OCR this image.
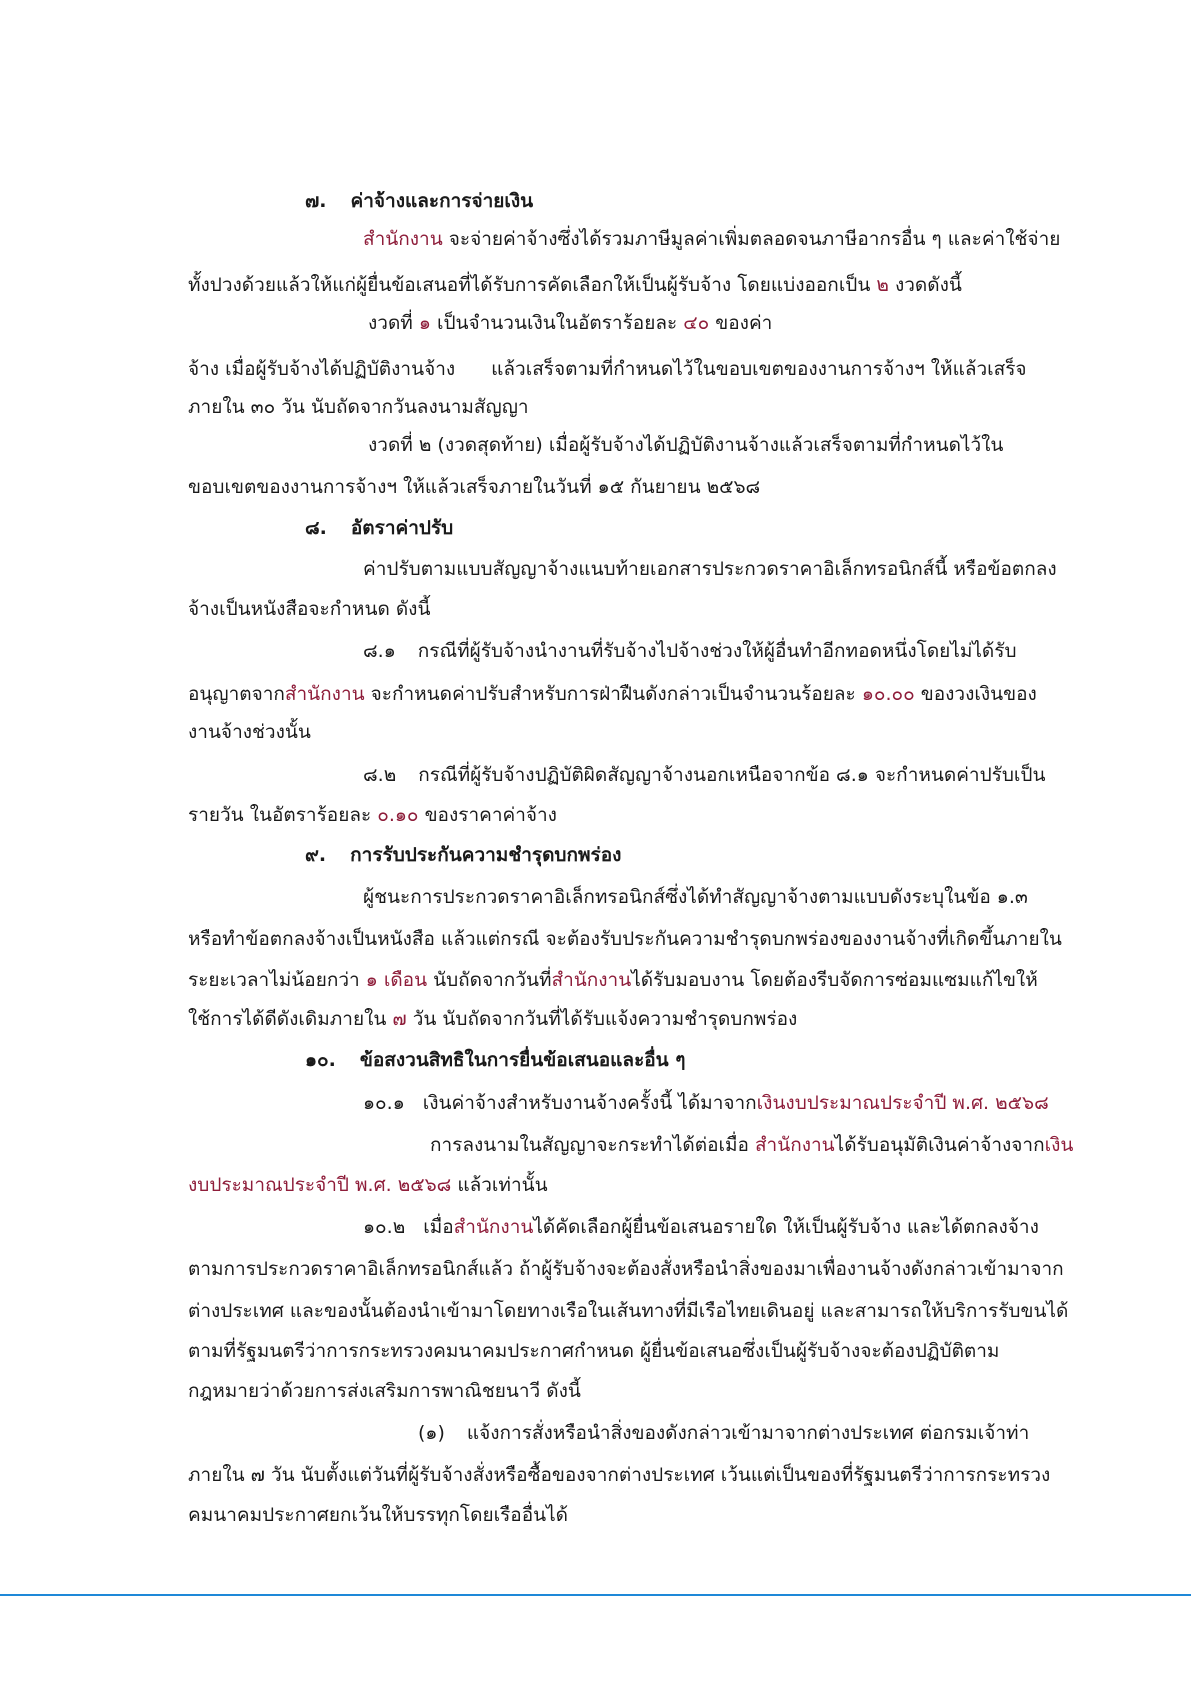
๗. ค่าจ้างและการจ่ายเงิน
สำนักงาน จะจ่ายค่าจ้างซึ่งได้รวมภาษีมูลค่าเพิ่มตลอดจนภาษีอากรอื่น ๆ และค่าใช้จ่าย
ทั้งปวงด้วยแล้วให้แก่ผู้ยื่นข้อเสนอที่ได้รับการคัดเลือกให้เป็นผู้รับจ้าง โดยแบ่งออกเป็น ๒ งวดดังนี้
งวดที่ ๑ เป็นจำนวนเงินในอัตราร้อยละ ๔๐ ของค่า
จ้าง เมื่อผู้รับจ้างได้ปฏิบัติงานจ้าง แล้วเสร็จตามที่กำหนดไว้ในขอบเขตของงานการจ้างฯ ให้แล้วเสร็จ
ภายใน ๓๐ วัน นับถัดจากวันลงนามสัญญา
งวดที่ ๒ (งวดสุดท้าย) เมื่อผู้รับจ้างได้ปฏิบัติงานจ้างแล้วเสร็จตามที่กำหนดไว้ใน
ขอบเขตของงานการจ้างฯ ให้แล้วเสร็จภายในวันที่ ๑๕ กันยายน ๒๕๖๘
๘. อัตราค่าปรับ
ค่าปรับตามแบบสัญญาจ้างแนบท้ายเอกสารประกวดราคาอิเล็กทรอนิกส์นี้ หรือข้อตกลง
จ้างเป็นหนังสือจะกำหนด ดังนี้
๘.๑ กรณีที่ผู้รับจ้างนำงานที่รับจ้างไปจ้างช่วงให้ผู้อื่นทำอีกทอดหนึ่งโดยไม่ได้รับ
อนุญาตจากสำนักงาน จะกำหนดค่าปรับสำหรับการฝ่าฝืนดังกล่าวเป็นจำนวนร้อยละ ๑๐.๐๐ ของวงเงินของ
งานจ้างช่วงนั้น
๘.๒ กรณีที่ผู้รับจ้างปฏิบัติผิดสัญญาจ้างนอกเหนือจากข้อ ๘.๑ จะกำหนดค่าปรับเป็น
รายวัน ในอัตราร้อยละ ๐.๑๐ ของราคาค่าจ้าง
๙. การรับประกันความชำรุดบกพร่อง
ผู้ชนะการประกวดราคาอิเล็กทรอนิกส์ซึ่งได้ทำสัญญาจ้างตามแบบดังระบุในข้อ ๑.๓
หรือทำข้อตกลงจ้างเป็นหนังสือ แล้วแต่กรณี จะต้องรับประกันความชำรุดบกพร่องของงานจ้างที่เกิดขึ้นภายใน
ระยะเวลาไม่น้อยกว่า ๑ เดือน นับถัดจากวันที่สำนักงานได้รับมอบงาน โดยต้องรีบจัดการซ่อมแซมแก้ไขให้
ใช้การได้ดีดังเดิมภายใน ๗ วัน นับถัดจากวันที่ได้รับแจ้งความชำรุดบกพร่อง
๑๐. ข้อสงวนสิทธิในการยื่นข้อเสนอและอื่น ๆ
๑๐.๑ เงินค่าจ้างสำหรับงานจ้างครั้งนี้ ได้มาจากเงินงบประมาณประจำปี พ.ศ. ๒๕๖๘
การลงนามในสัญญาจะกระทำได้ต่อเมื่อ สำนักงานได้รับอนุมัติเงินค่าจ้างจากเงิน
งบประมาณประจำปี พ.ศ. ๒๕๖๘ แล้วเท่านั้น
๑๐.๒ เมื่อสำนักงานได้คัดเลือกผู้ยื่นข้อเสนอรายใด ให้เป็นผู้รับจ้าง และได้ตกลงจ้าง
ตามการประกวดราคาอิเล็กทรอนิกส์แล้ว ถ้าผู้รับจ้างจะต้องสั่งหรือนำสิ่งของมาเพื่องานจ้างดังกล่าวเข้ามาจาก
ต่างประเทศ และของนั้นต้องนำเข้ามาโดยทางเรือในเส้นทางที่มีเรือไทยเดินอยู่ และสามารถให้บริการรับขนได้
ตามที่รัฐมนตรีว่าการกระทรวงคมนาคมประกาศกำหนด ผู้ยื่นข้อเสนอซึ่งเป็นผู้รับจ้างจะต้องปฏิบัติตาม
กฎหมายว่าด้วยการส่งเสริมการพาณิชยนาวี ดังนี้
(๑) แจ้งการสั่งหรือนำสิ่งของดังกล่าวเข้ามาจากต่างประเทศ ต่อกรมเจ้าท่า
ภายใน ๗ วัน นับตั้งแต่วันที่ผู้รับจ้างสั่งหรือซื้อของจากต่างประเทศ เว้นแต่เป็นของที่รัฐมนตรีว่าการกระทรวง
คมนาคมประกาศยกเว้นให้บรรทุกโดยเรืออื่นได้
